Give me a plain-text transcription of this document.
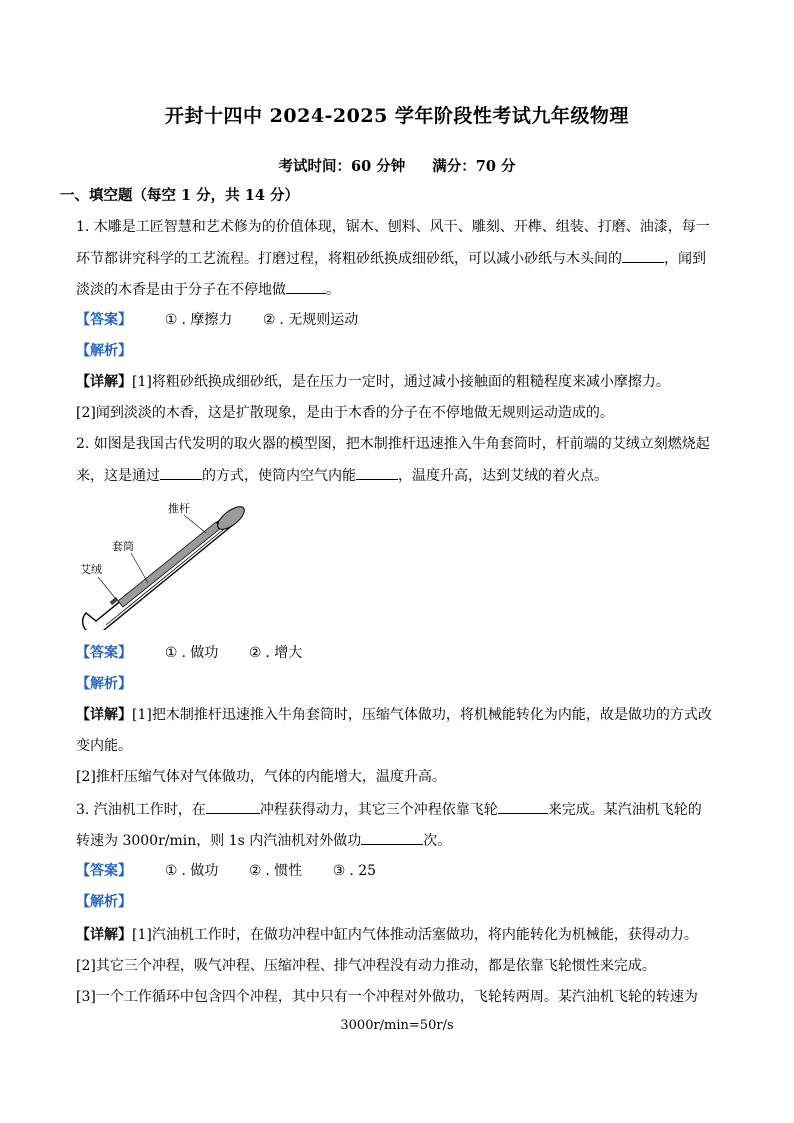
开封十四中 2024-2025 学年阶段性考试九年级物理
考试时间：60 分钟 满分：70 分
一、填空题（每空 1 分，共 14 分）
1. 木雕是工匠智慧和艺术修为的价值体现，锯木、刨料、风干、雕刻、开榫、组装、打磨、油漆，每一
环节都讲究科学的工艺流程。打磨过程，将粗砂纸换成细砂纸，可以减小砂纸与木头间的	，闻到
淡淡的木香是由于分子在不停地做	。
【答案】 ① . 摩擦力 ② . 无规则运动
【解析】
【详解】[1]将粗砂纸换成细砂纸，是在压力一定时，通过减小接触面的粗糙程度来减小摩擦力。
[2]闻到淡淡的木香，这是扩散现象，是由于木香的分子在不停地做无规则运动造成的。
2. 如图是我国古代发明的取火器的模型图，把木制推杆迅速推入牛角套筒时，杆前端的艾绒立刻燃烧起
来，这是通过	的方式，使筒内空气内能	，温度升高，达到艾绒的着火点。
推杆
套筒
艾绒
【答案】 ① . 做功 ② . 增大
【解析】
【详解】[1]把木制推杆迅速推入牛角套筒时，压缩气体做功，将机械能转化为内能，故是做功的方式改
变内能。
[2]推杆压缩气体对气体做功，气体的内能增大，温度升高。
3. 汽油机工作时，在	冲程获得动力，其它三个冲程依靠飞轮	来完成。某汽油机飞轮的
转速为 3000r/min，则 1s 内汽油机对外做功	次。
【答案】 ① . 做功 ② . 惯性 ③ . 25
【解析】
【详解】[1]汽油机工作时，在做功冲程中缸内气体推动活塞做功，将内能转化为机械能，获得动力。
[2]其它三个冲程，吸气冲程、压缩冲程、排气冲程没有动力推动，都是依靠飞轮惯性来完成。
[3]一个工作循环中包含四个冲程，其中只有一个冲程对外做功，飞轮转两周。某汽油机飞轮的转速为
3000r/min=50r/s
